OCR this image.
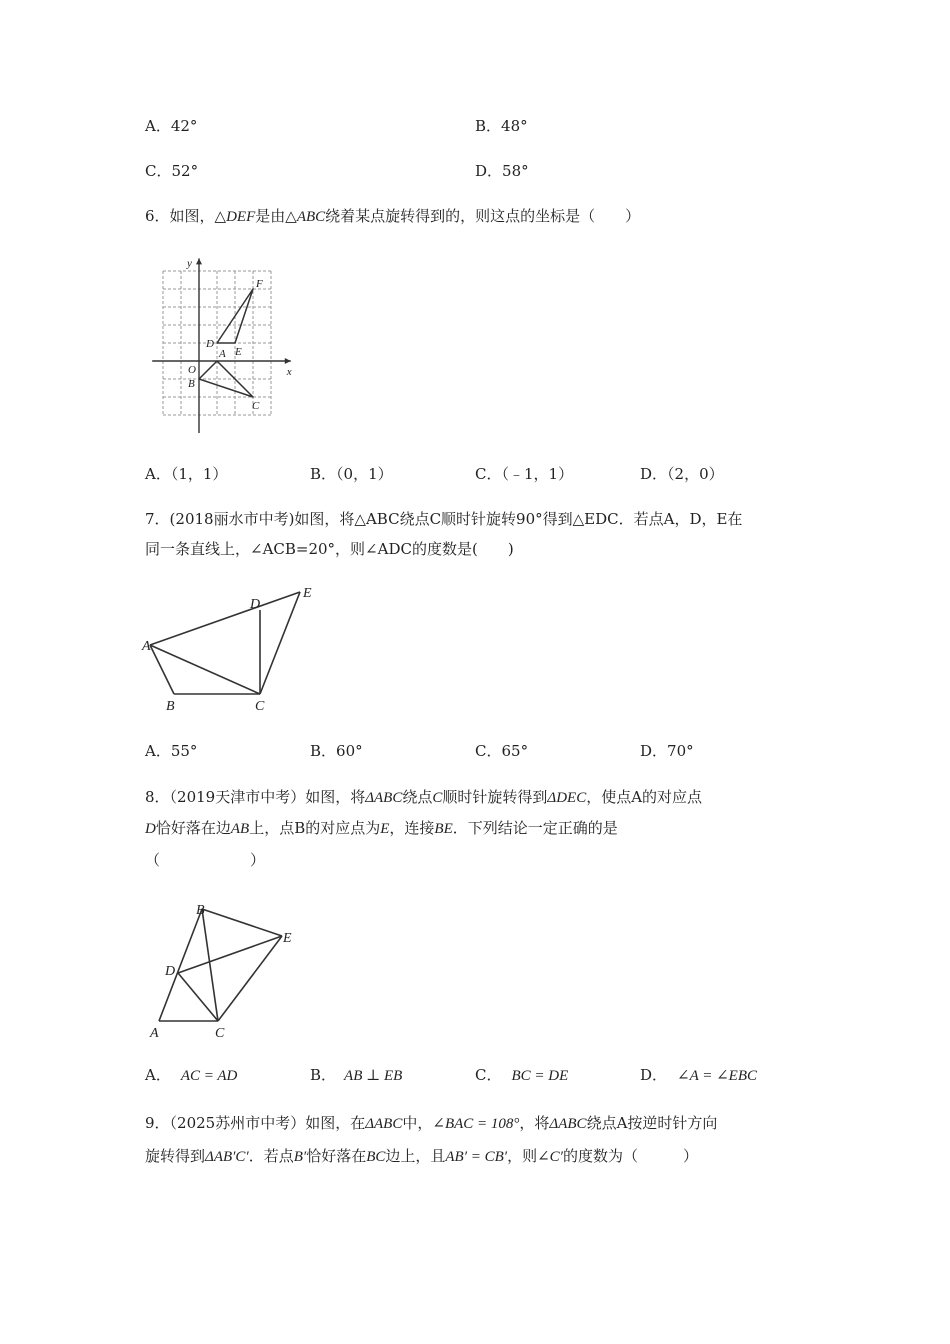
A．42°	B．48°
C．52°	D．58°
6．如图，△DEF是由△ABC绕着某点旋转得到的，则这点的坐标是（　　）
x
y
O
A
B
C
D
E
F
A．（1，1）	B．（0，1）	C．（﹣1，1）	D．（2，0）
7．(2018丽水市中考)如图，将△ABC绕点C顺时针旋转90°得到△EDC．若点A，D，E在
同一条直线上，∠ACB=20°，则∠ADC的度数是(　　)
A
B	C
D
E
A．55°	B．60°	C．65°	D．70°
8．（2019天津市中考）如图，将ΔABC绕点C顺时针旋转得到ΔDEC，使点A的对应点
D恰好落在边AB上，点B的对应点为E，连接BE．下列结论一定正确的是
（　　　　　　）
A
B
C
D
E
A． AC = AD	B． AB ⊥ EB	C． BC = DE	D． ∠A = ∠EBC
9．（2025苏州市中考）如图，在ΔABC中，∠BAC = 108°，将ΔABC绕点A按逆时针方向
旋转得到ΔAB′C′．若点B′恰好落在BC边上，且AB′ = CB′，则∠C′的度数为（　　　）
